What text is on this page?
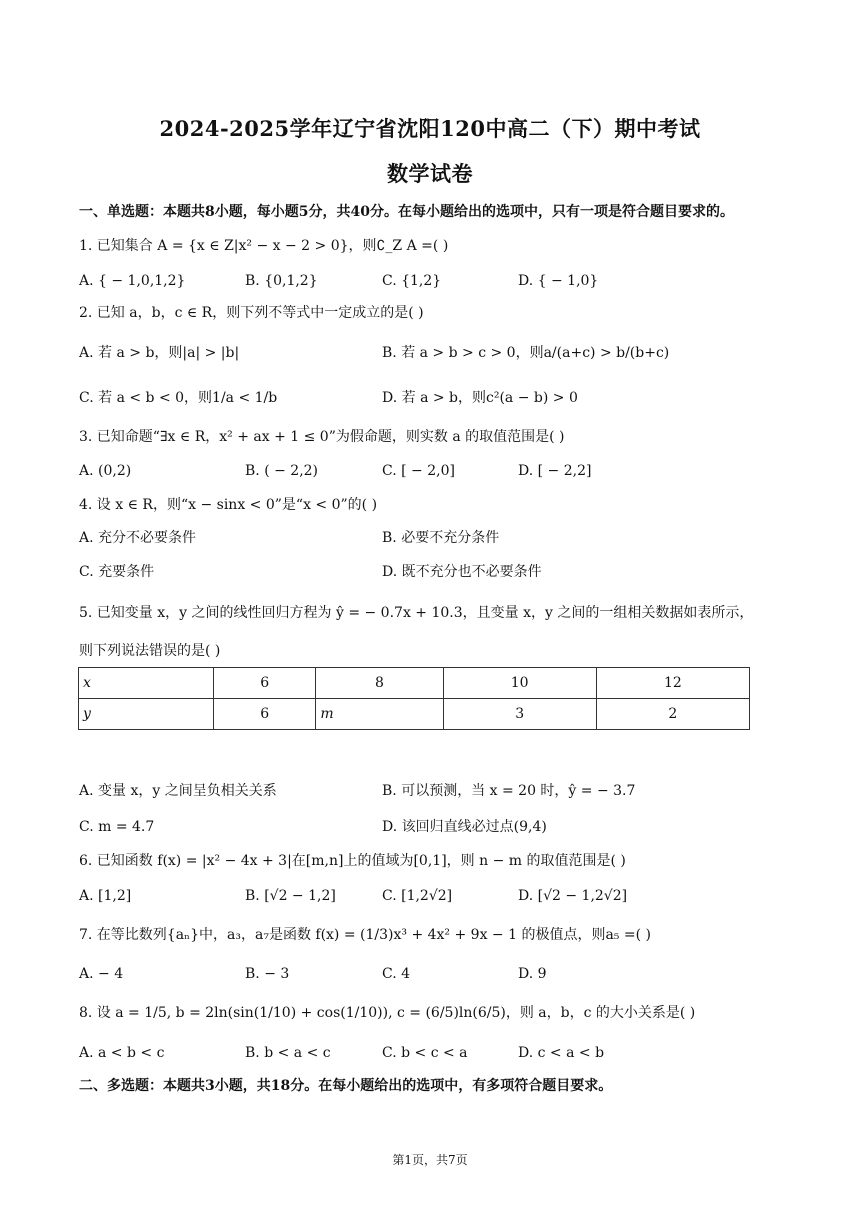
2024-2025学年辽宁省沈阳120中高二（下）期中考试
数学试卷
一、单选题：本题共8小题，每小题5分，共40分。在每小题给出的选项中，只有一项是符合题目要求的。
1. 已知集合 A = {x ∈ Z|x² − x − 2 > 0}，则∁_Z A =( )
A. { − 1,0,1,2}	B. {0,1,2}	C. {1,2}	D. { − 1,0}
2. 已知 a，b，c ∈ R，则下列不等式中一定成立的是( )
A. 若 a > b，则|a| > |b|	B. 若 a > b > c > 0，则a/(a+c) > b/(b+c)
C. 若 a < b < 0，则1/a < 1/b	D. 若 a > b，则c²(a − b) > 0
3. 已知命题“∃x ∈ R，x² + ax + 1 ≤ 0”为假命题，则实数 a 的取值范围是( )
A. (0,2)	B. ( − 2,2)	C. [ − 2,0]	D. [ − 2,2]
4. 设 x ∈ R，则“x − sinx < 0”是“x < 0”的( )
A. 充分不必要条件	B. 必要不充分条件
C. 充要条件	D. 既不充分也不必要条件
5. 已知变量 x，y 之间的线性回归方程为 ŷ = − 0.7x + 10.3，且变量 x，y 之间的一组相关数据如表所示，
则下列说法错误的是( )
x	6	8	10	12
y	6	m	3	2
A. 变量 x，y 之间呈负相关关系	B. 可以预测，当 x = 20 时，ŷ = − 3.7
C. m = 4.7	D. 该回归直线必过点(9,4)
6. 已知函数 f(x) = |x² − 4x + 3|在[m,n]上的值域为[0,1]，则 n − m 的取值范围是( )
A. [1,2]	B. [√2 − 1,2]	C. [1,2√2]	D. [√2 − 1,2√2]
7. 在等比数列{aₙ}中，a₃，a₇是函数 f(x) = (1/3)x³ + 4x² + 9x − 1 的极值点，则a₅ =( )
A. − 4	B. − 3	C. 4	D. 9
8. 设 a = 1/5, b = 2ln(sin(1/10) + cos(1/10)), c = (6/5)ln(6/5)，则 a，b，c 的大小关系是( )
A. a < b < c	B. b < a < c	C. b < c < a	D. c < a < b
二、多选题：本题共3小题，共18分。在每小题给出的选项中，有多项符合题目要求。
第1页，共7页
